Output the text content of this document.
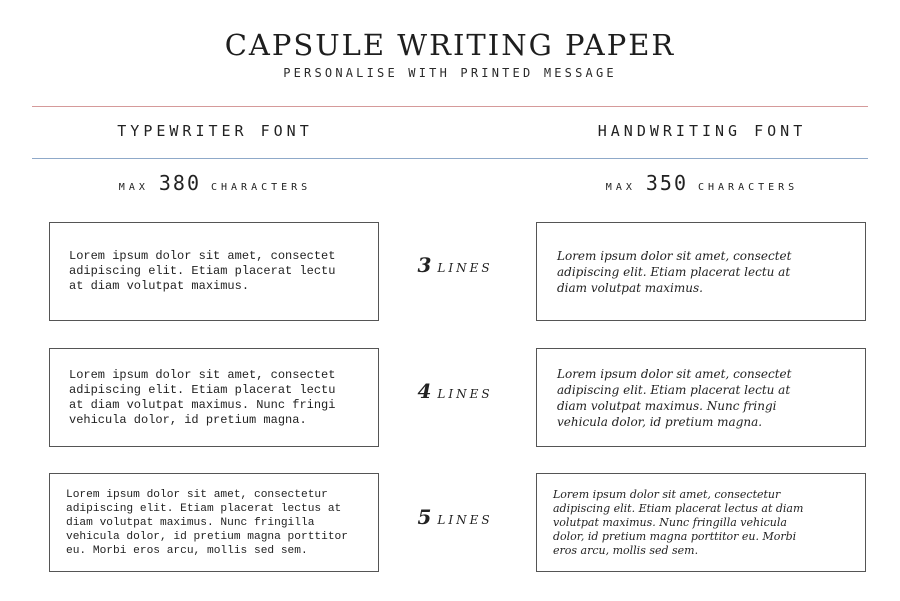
CAPSULE WRITING PAPER
PERSONALISE WITH PRINTED MESSAGE
TYPEWRITER FONT	HANDWRITING FONT
MAX 380 CHARACTERS	MAX 350 CHARACTERS
Lorem ipsum dolor sit amet, consectet
adipiscing elit. Etiam placerat lectu
at diam volutpat maximus.
3 LINES
Lorem ipsum dolor sit amet, consectet
adipiscing elit. Etiam placerat lectu at
diam volutpat maximus.
Lorem ipsum dolor sit amet, consectet
adipiscing elit. Etiam placerat lectu
at diam volutpat maximus. Nunc fringi
vehicula dolor, id pretium magna.
4 LINES
Lorem ipsum dolor sit amet, consectet
adipiscing elit. Etiam placerat lectu at
diam volutpat maximus. Nunc fringi
vehicula dolor, id pretium magna.
Lorem ipsum dolor sit amet, consectetur
adipiscing elit. Etiam placerat lectus at
diam volutpat maximus. Nunc fringilla
vehicula dolor, id pretium magna porttitor
eu. Morbi eros arcu, mollis sed sem.
5 LINES
Lorem ipsum dolor sit amet, consectetur
adipiscing elit. Etiam placerat lectus at diam
volutpat maximus. Nunc fringilla vehicula
dolor, id pretium magna porttitor eu. Morbi
eros arcu, mollis sed sem.
